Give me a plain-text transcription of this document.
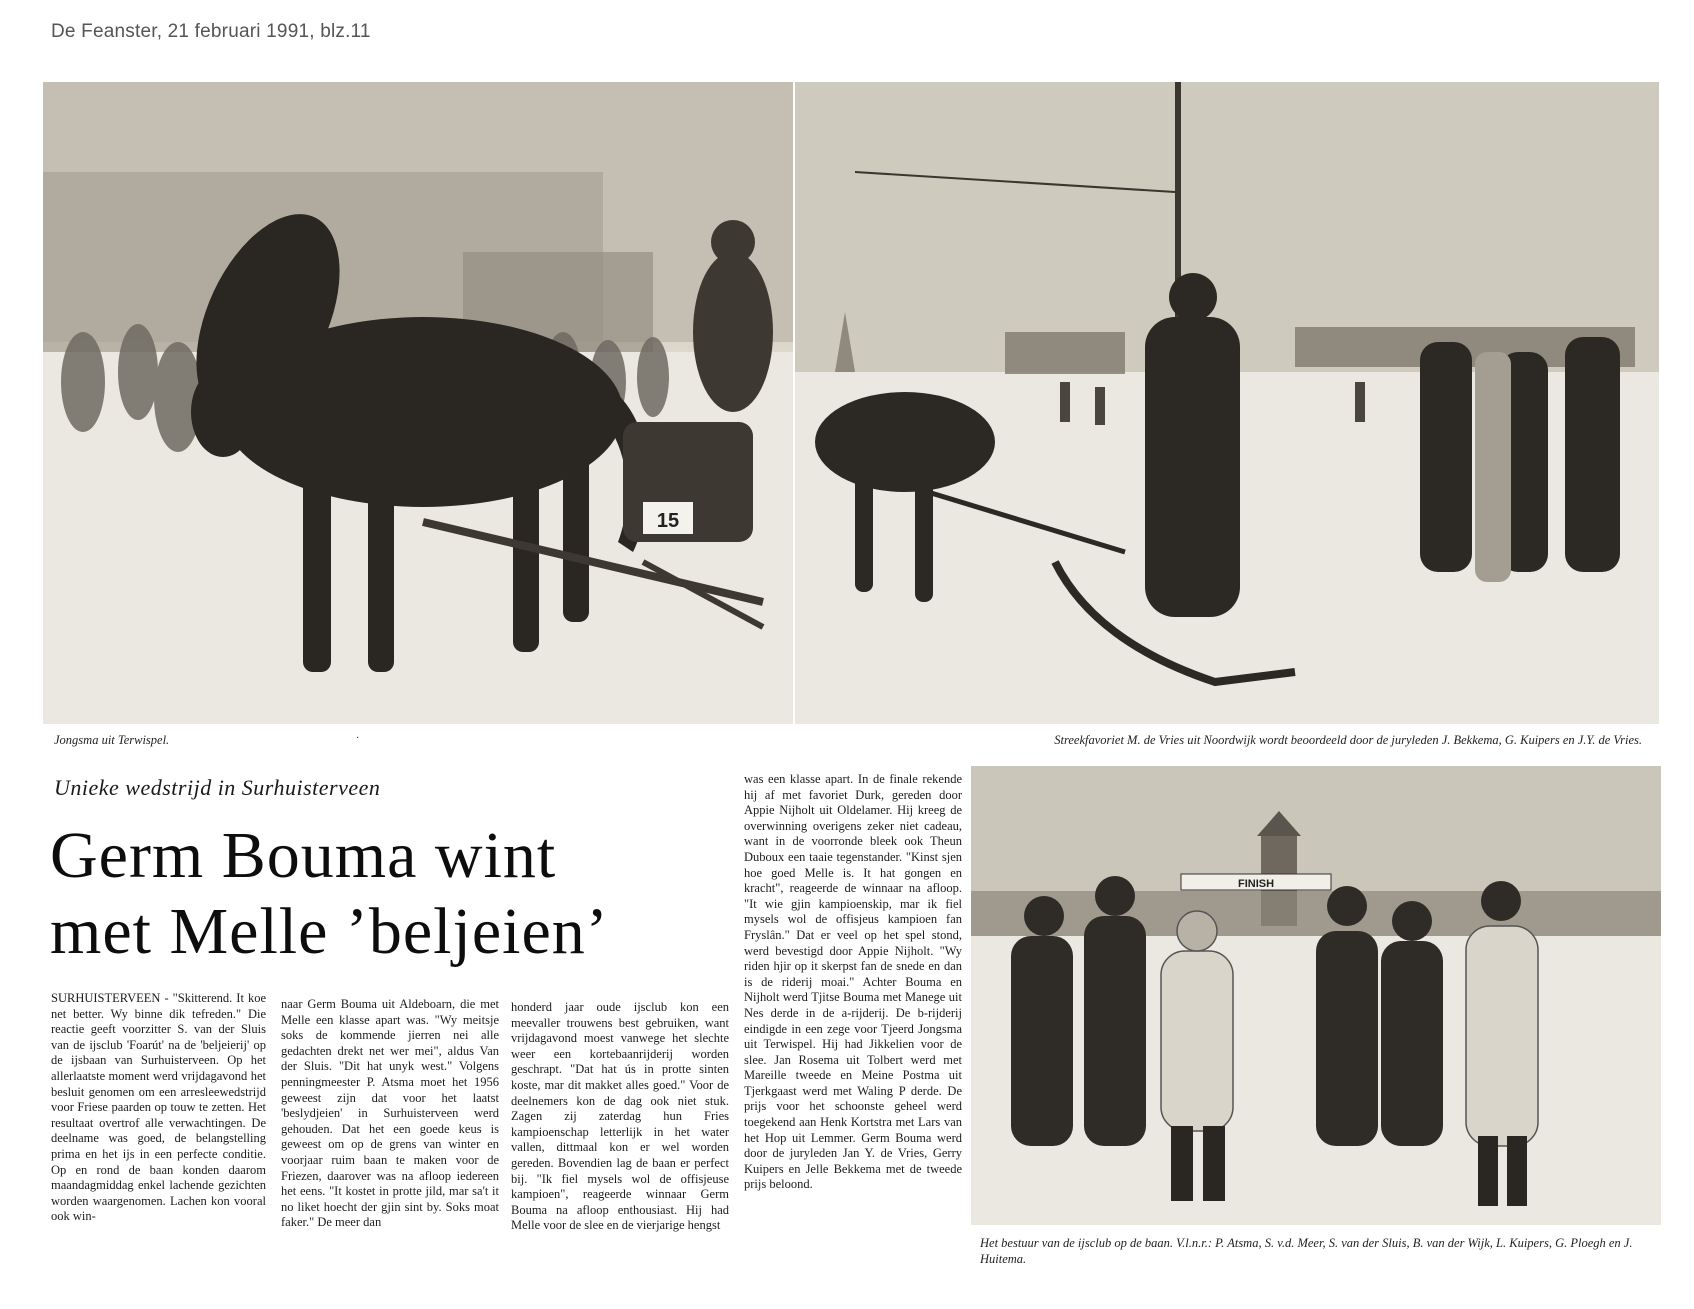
De Feanster, 21 februari 1991, blz.11
15
Jongsma uit Terwispel.	·	Streekfavoriet M. de Vries uit Noordwijk wordt beoordeeld door de juryleden J. Bekkema, G. Kuipers en J.Y. de Vries.
Unieke wedstrijd in Surhuisterveen
Germ Bouma wint
met Melle ’beljeien’

SURHUISTERVEEN - "Skitterend. It koe net better. Wy binne dik tefreden." Die reactie geeft voorzitter S. van der Sluis van de ijsclub 'Foarút' na de 'beljeierij' op de ijsbaan van Surhuisterveen. Op het allerlaatste moment werd vrijdagavond het besluit genomen om een arresleewedstrijd voor Friese paarden op touw te zetten. Het resultaat overtrof alle verwachtingen. De deelname was goed, de belangstelling prima en het ijs in een perfecte conditie. Op en rond de baan konden daarom maandagmiddag enkel lachende gezichten worden waargenomen. Lachen kon vooral ook win-

naar Germ Bouma uit Aldeboarn, die met Melle een klasse apart was. "Wy meitsje soks de kommende jierren nei alle gedachten drekt net wer mei", aldus Van der Sluis. "Dit hat unyk west." Volgens penningmeester P. Atsma moet het 1956 geweest zijn dat voor het laatst 'beslydjeien' in Surhuisterveen werd gehouden. Dat het een goede keus is geweest om op de grens van winter en voorjaar ruim baan te maken voor de Friezen, daarover was na afloop iedereen het eens. "It kostet in protte jild, mar sa't it no liket hoecht der gjin sint by. Soks moat faker." De meer dan

honderd jaar oude ijsclub kon een meevaller trouwens best gebruiken, want vrijdagavond moest vanwege het slechte weer een kortebaanrijderij worden geschrapt. "Dat hat ús in protte sinten koste, mar dit makket alles goed." Voor de deelnemers kon de dag ook niet stuk. Zagen zij zaterdag hun Fries kampioenschap letterlijk in het water vallen, dittmaal kon er wel worden gereden. Bovendien lag de baan er perfect bij. "Ik fiel mysels wol de offisjeuse kampioen", reageerde winnaar Germ Bouma na afloop enthousiast. Hij had Melle voor de slee en de vierjarige hengst

was een klasse apart. In de finale rekende hij af met favoriet Durk, gereden door Appie Nijholt uit Oldelamer. Hij kreeg de overwinning overigens zeker niet cadeau, want in de voorronde bleek ook Theun Duboux een taaie tegenstander. "Kinst sjen hoe goed Melle is. It hat gongen en kracht", reageerde de winnaar na afloop. "It wie gjin kampioenskip, mar ik fiel mysels wol de offisjeus kampioen fan Fryslân." Dat er veel op het spel stond, werd bevestigd door Appie Nijholt. "Wy riden hjir op it skerpst fan de snede en dan is de riderij moai." Achter Bouma en Nijholt werd Tjitse Bouma met Manege uit Nes derde in de a-rijderij. De b-rijderij eindigde in een zege voor Tjeerd Jongsma uit Terwispel. Hij had Jikkelien voor de slee. Jan Rosema uit Tolbert werd met Mareille tweede en Meine Postma uit Tjerkgaast werd met Waling P derde. De prijs voor het schoonste geheel werd toegekend aan Henk Kortstra met Lars van het Hop uit Lemmer. Germ Bouma werd door de juryleden Jan Y. de Vries, Gerry Kuipers en Jelle Bekkema met de tweede prijs beloond.

FINISH
Het bestuur van de ijsclub op de baan. V.l.n.r.: P. Atsma, S. v.d. Meer, S. van der Sluis, B. van der Wijk, L. Kuipers, G. Ploegh en J. Huitema.
